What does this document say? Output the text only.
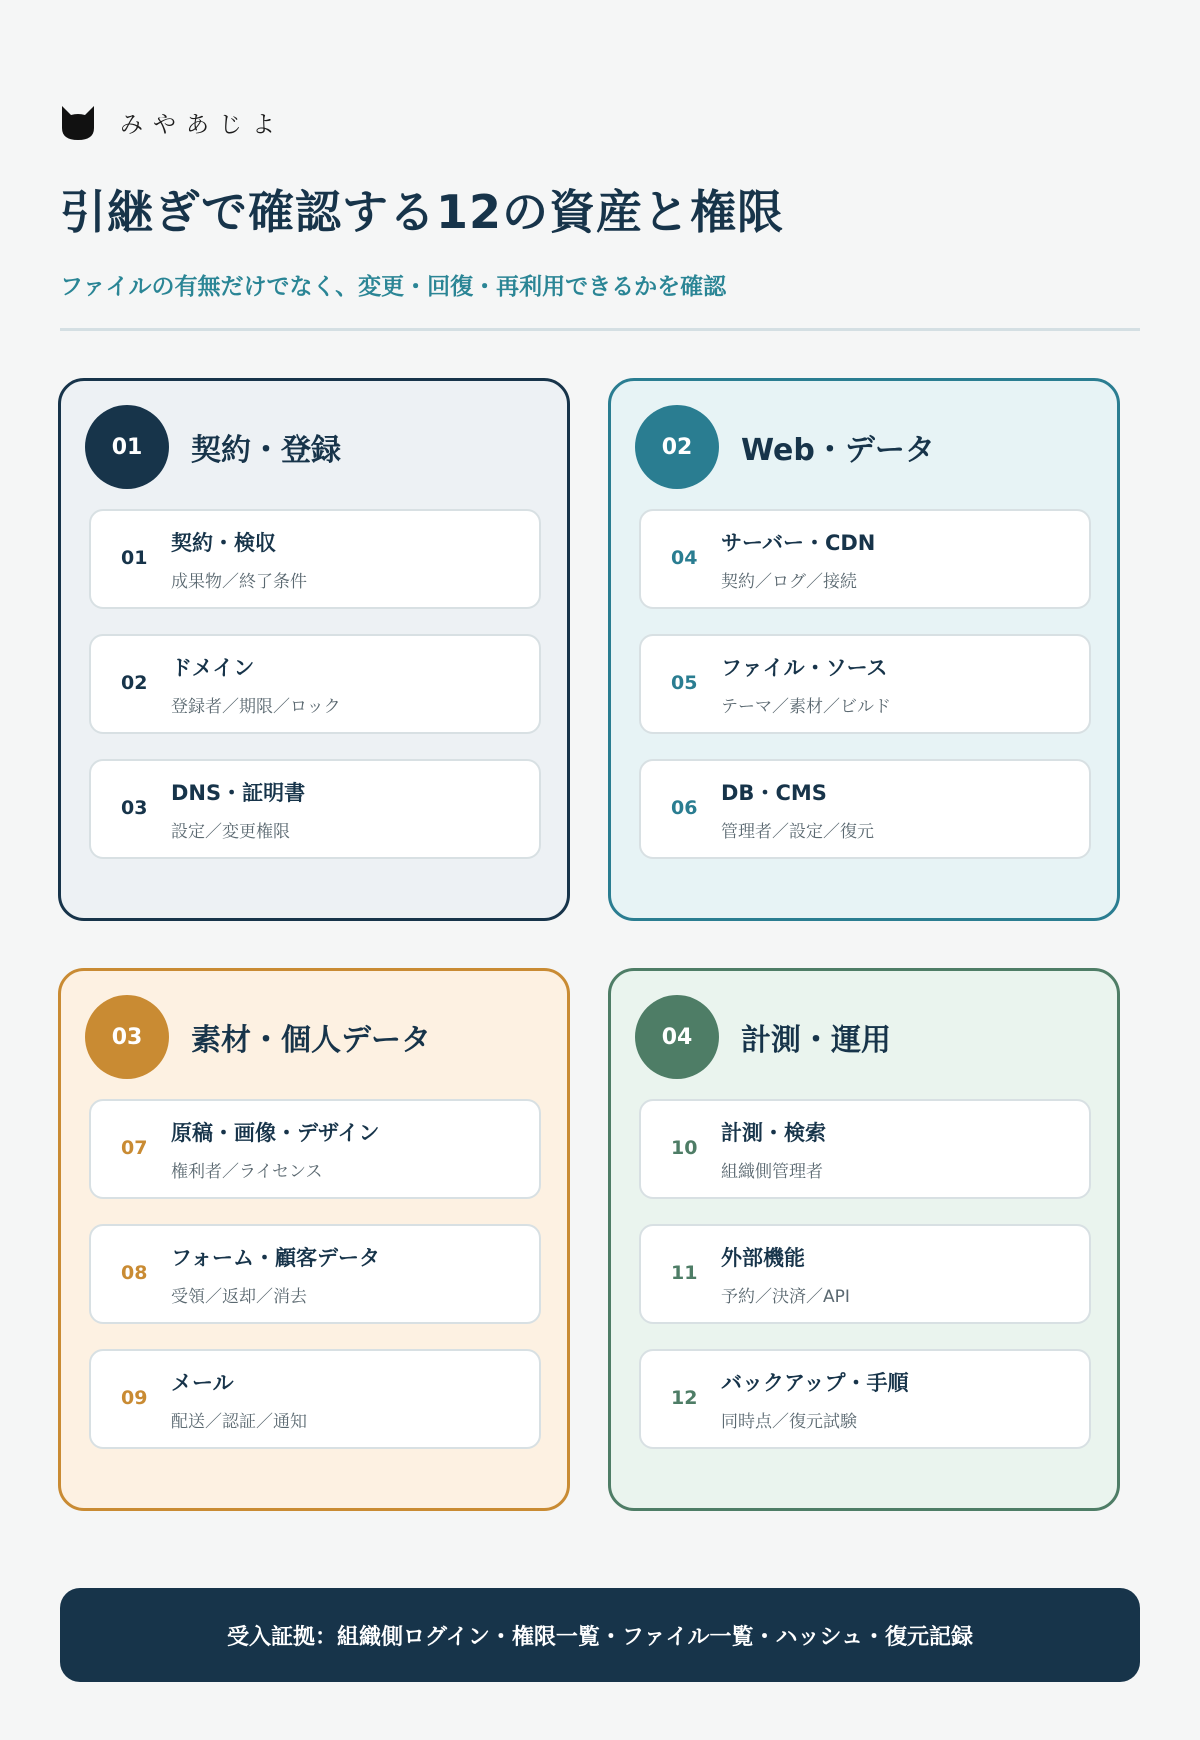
みやあじよ
引継ぎで確認する12の資産と権限

ファイルの有無だけでなく、変更・回復・再利用できるかを確認

01	契約・登録
01
契約・検収
成果物／終了条件
02
ドメイン
登録者／期限／ロック
03
DNS・証明書
設定／変更権限
02	Web・データ
04
サーバー・CDN
契約／ログ／接続
05
ファイル・ソース
テーマ／素材／ビルド
06
DB・CMS
管理者／設定／復元
03	素材・個人データ
07
原稿・画像・デザイン
権利者／ライセンス
08
フォーム・顧客データ
受領／返却／消去
09
メール
配送／認証／通知
04	計測・運用
10
計測・検索
組織側管理者
11
外部機能
予約／決済／API
12
バックアップ・手順
同時点／復元試験
受入証拠：組織側ログイン・権限一覧・ファイル一覧・ハッシュ・復元記録
